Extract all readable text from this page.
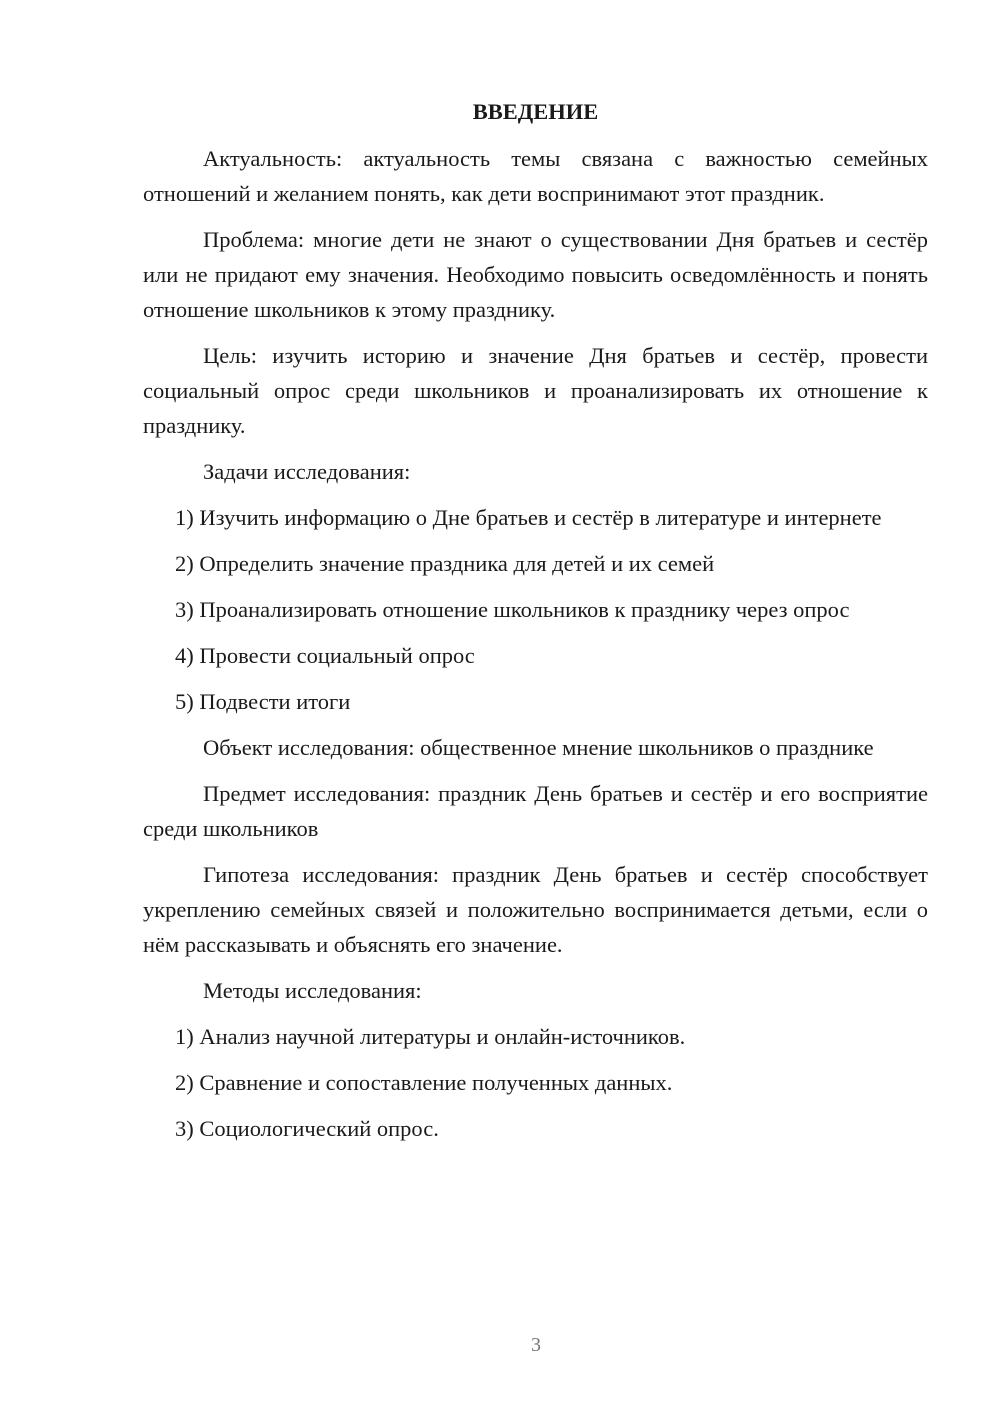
ВВЕДЕНИЕ

Актуальность: актуальность темы связана с важностью семейных отношений и желанием понять, как дети воспринимают этот праздник.

Проблема: многие дети не знают о существовании Дня братьев и сестёр или не придают ему значения. Необходимо повысить осведомлённость и понять отношение школьников к этому празднику.

Цель: изучить историю и значение Дня братьев и сестёр, провести социальный опрос среди школьников и проанализировать их отношение к празднику.

Задачи исследования:

1) Изучить информацию о Дне братьев и сестёр в литературе и интернете

2) Определить значение праздника для детей и их семей

3) Проанализировать отношение школьников к празднику через опрос

4) Провести социальный опрос

5) Подвести итоги

Объект исследования: общественное мнение школьников о празднике

Предмет исследования: праздник День братьев и сестёр и его восприятие среди школьников

Гипотеза исследования: праздник День братьев и сестёр способствует укреплению семейных связей и положительно воспринимается детьми, если о нём рассказывать и объяснять его значение.

Методы исследования:

1) Анализ научной литературы и онлайн-источников.

2) Сравнение и сопоставление полученных данных.

3) Социологический опрос.

3
